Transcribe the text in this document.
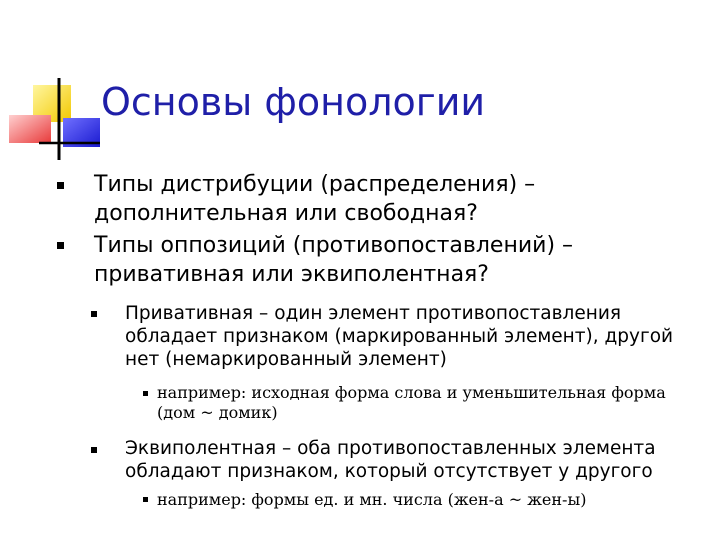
Основы фонологии
Типы дистрибуции (распределения) –
дополнительная или свободная?
Типы оппозиций (противопоставлений) –
привативная или эквиполентная?
Привативная – один элемент противопоставления
обладает признаком (маркированный элемент), другой
нет (немаркированный элемент)
например: исходная форма слова и уменьшительная форма
(дом ~ домик)
Эквиполентная – оба противопоставленных элемента
обладают признаком, который отсутствует у другого
например: формы ед. и мн. числа (жен-а ~ жен-ы)
